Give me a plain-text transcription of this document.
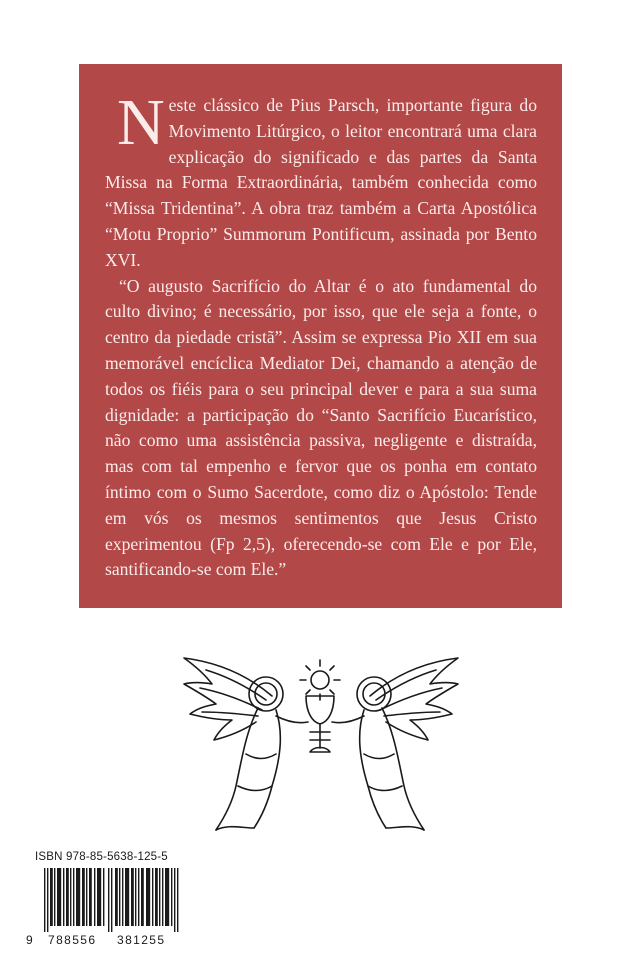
Neste clássico de Pius Parsch, importante figura do Movimento Litúrgico, o leitor encontrará uma clara explicação do significado e das partes da Santa Missa na Forma Extraordinária, também conhecida como “Missa Tridentina”. A obra traz também a Carta Apostólica “Motu Proprio” Summorum Pontificum, assinada por Bento XVI.

“O augusto Sacrifício do Altar é o ato fundamental do culto divino; é necessário, por isso, que ele seja a fonte, o centro da piedade cristã”. Assim se expressa Pio XII em sua memorável encíclica Mediator Dei, chamando a atenção de todos os fiéis para o seu principal dever e para a sua suma dignidade: a participação do “Santo Sacrifício Eucarístico, não como uma assistência passiva, negligente e distraída, mas com tal empenho e fervor que os ponha em contato íntimo com o Sumo Sacerdote, como diz o Apóstolo: Tende em vós os mesmos sentimentos que Jesus Cristo experimentou (Fp 2,5), oferecendo-se com Ele e por Ele, santificando-se com Ele.”

ISBN 978-85-5638-125-5
9 788556 381255
